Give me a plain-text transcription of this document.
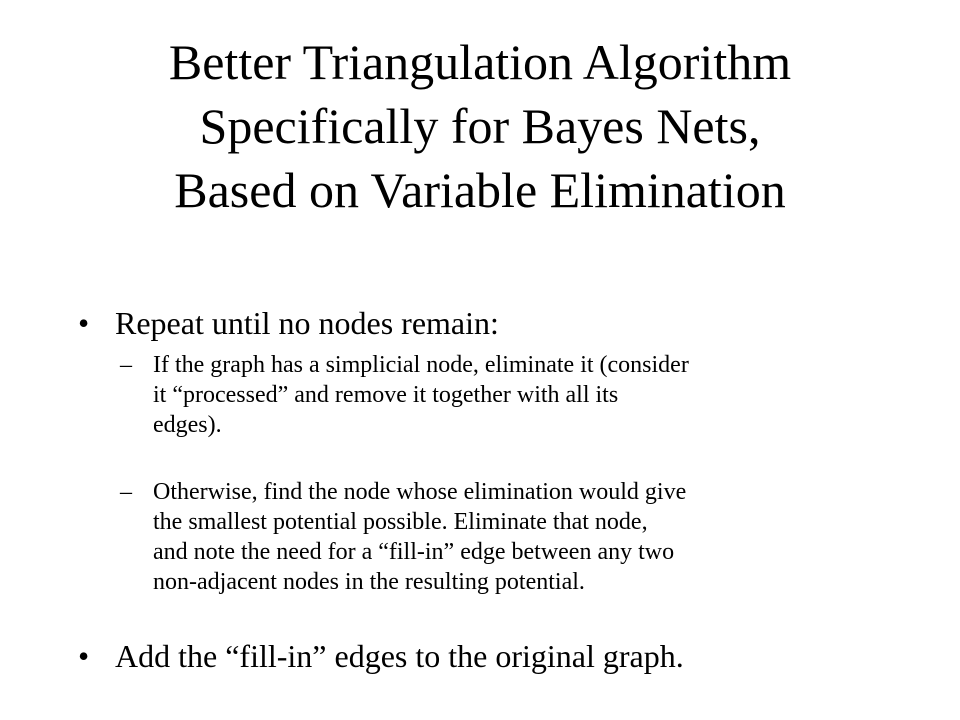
Better Triangulation Algorithm
Specifically for Bayes Nets,
Based on Variable Elimination
• Repeat until no nodes remain:
– If the graph has a simplicial node, eliminate it (consider
it “processed” and remove it together with all its
edges).
– Otherwise, find the node whose elimination would give
the smallest potential possible. Eliminate that node,
and note the need for a “fill-in” edge between any two
non-adjacent nodes in the resulting potential.
• Add the “fill-in” edges to the original graph.
